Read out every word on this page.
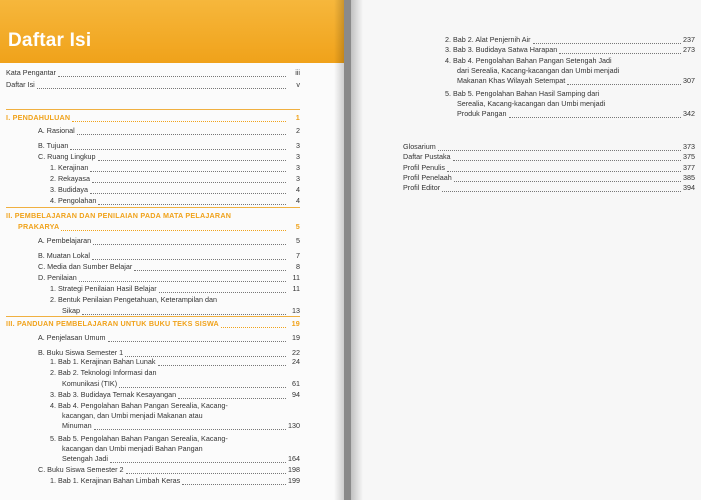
Daftar Isi
Kata Pengantar	iii
Daftar Isi	v
I. PENDAHULUAN	1
A. Rasional	2
B. Tujuan	3
C. Ruang Lingkup	3
1. Kerajinan	3
2. Rekayasa	3
3. Budidaya	4
4. Pengolahan	4
II. PEMBELAJARAN DAN PENILAIAN PADA MATA PELAJARAN
PRAKARYA	5
A. Pembelajaran	5
B. Muatan Lokal	7
C. Media dan Sumber Belajar	8
D. Penilaian	11
1. Strategi Penilaian Hasil Belajar	11
2. Bentuk Penilaian Pengetahuan, Keterampilan dan
Sikap	13
III. PANDUAN PEMBELAJARAN UNTUK BUKU TEKS SISWA	19
A. Penjelasan Umum	19
B. Buku Siswa Semester 1	22
1. Bab 1. Kerajinan Bahan Lunak	24
2. Bab 2. Teknologi Informasi dan
Komunikasi (TIK)	61
3. Bab 3. Budidaya Ternak Kesayangan	94
4. Bab 4. Pengolahan Bahan Pangan Serealia, Kacang-
kacangan, dan Umbi menjadi Makanan atau
Minuman	130
5. Bab 5. Pengolahan Bahan Pangan Serealia, Kacang-
kacangan dan Umbi menjadi Bahan Pangan
Setengah Jadi	164
C. Buku Siswa Semester 2	198
1. Bab 1. Kerajinan Bahan Limbah Keras	199
2. Bab 2. Alat Penjernih Air	237
3. Bab 3. Budidaya Satwa Harapan	273
4. Bab 4. Pengolahan Bahan Pangan Setengah Jadi
dari Serealia, Kacang-kacangan dan Umbi menjadi
Makanan Khas Wilayah Setempat	307
5. Bab 5. Pengolahan Bahan Hasil Samping dari
Serealia, Kacang-kacangan dan Umbi menjadi
Produk Pangan	342
Glosarium	373
Daftar Pustaka	375
Profil Penulis	377
Profil Penelaah	385
Profil Editor	394
